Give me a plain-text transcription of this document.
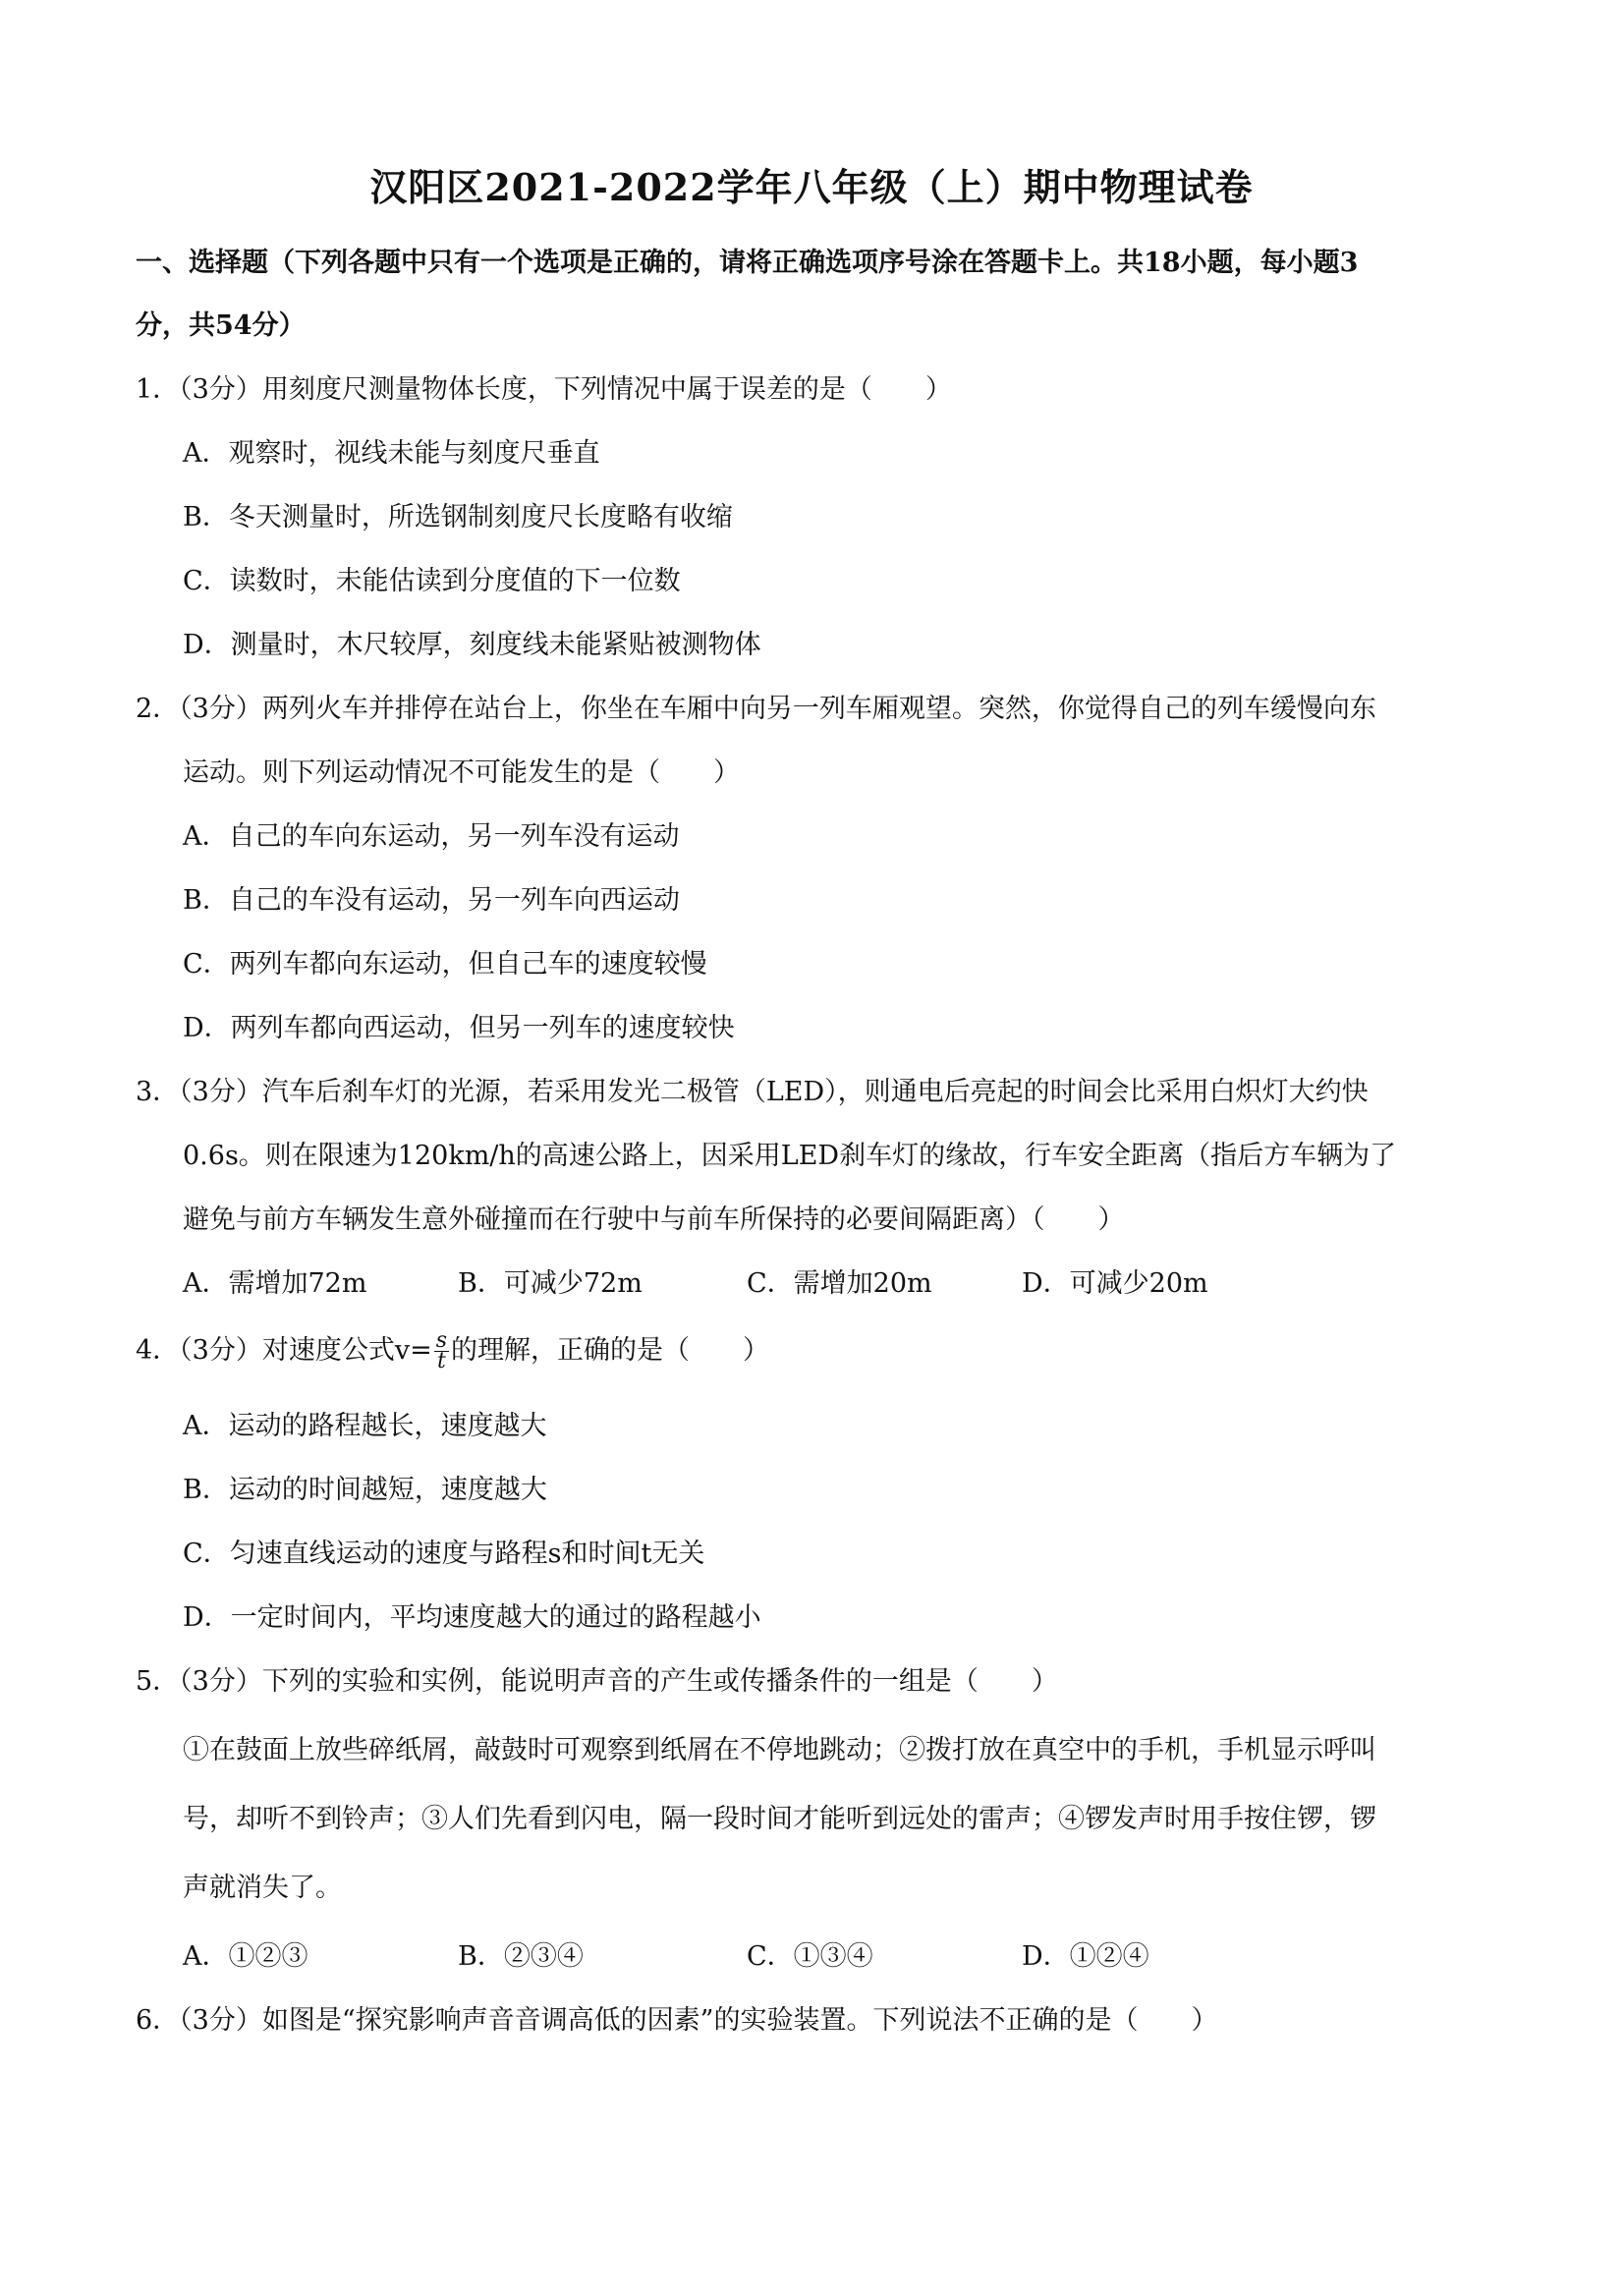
汉阳区2021-2022学年八年级（上）期中物理试卷
一、选择题（下列各题中只有一个选项是正确的，请将正确选项序号涂在答题卡上。共18小题，每小题3
分，共54分）
1．（3分）用刻度尺测量物体长度，下列情况中属于误差的是（　　）
A．观察时，视线未能与刻度尺垂直
B．冬天测量时，所选钢制刻度尺长度略有收缩
C．读数时，未能估读到分度值的下一位数
D．测量时，木尺较厚，刻度线未能紧贴被测物体
2．（3分）两列火车并排停在站台上，你坐在车厢中向另一列车厢观望。突然，你觉得自己的列车缓慢向东
运动。则下列运动情况不可能发生的是（　　）
A．自己的车向东运动，另一列车没有运动
B．自己的车没有运动，另一列车向西运动
C．两列车都向东运动，但自己车的速度较慢
D．两列车都向西运动，但另一列车的速度较快
3．（3分）汽车后刹车灯的光源，若采用发光二极管（LED），则通电后亮起的时间会比采用白炽灯大约快
0.6s。则在限速为120km/h的高速公路上，因采用LED刹车灯的缘故，行车安全距离（指后方车辆为了
避免与前方车辆发生意外碰撞而在行驶中与前车所保持的必要间隔距离）（　　）
A．需增加72m	B．可减少72m	C．需增加20m	D．可减少20m
4．（3分）对速度公式$v= \frac{s}{t}$ 的理解，正确的是（　　）
A．运动的路程越长，速度越大
B．运动的时间越短，速度越大
C．匀速直线运动的速度与路程s和时间t无关
D．一定时间内，平均速度越大的通过的路程越小
5．（3分）下列的实验和实例，能说明声音的产生或传播条件的一组是（　　）
①在鼓面上放些碎纸屑，敲鼓时可观察到纸屑在不停地跳动；②拨打放在真空中的手机，手机显示呼叫
号，却听不到铃声；③人们先看到闪电，隔一段时间才能听到远处的雷声；④锣发声时用手按住锣，锣
声就消失了。
A．①②③	B．②③④	C．①③④	D．①②④
6．（3分）如图是“探究影响声音音调高低的因素”的实验装置。下列说法不正确的是（　　）
